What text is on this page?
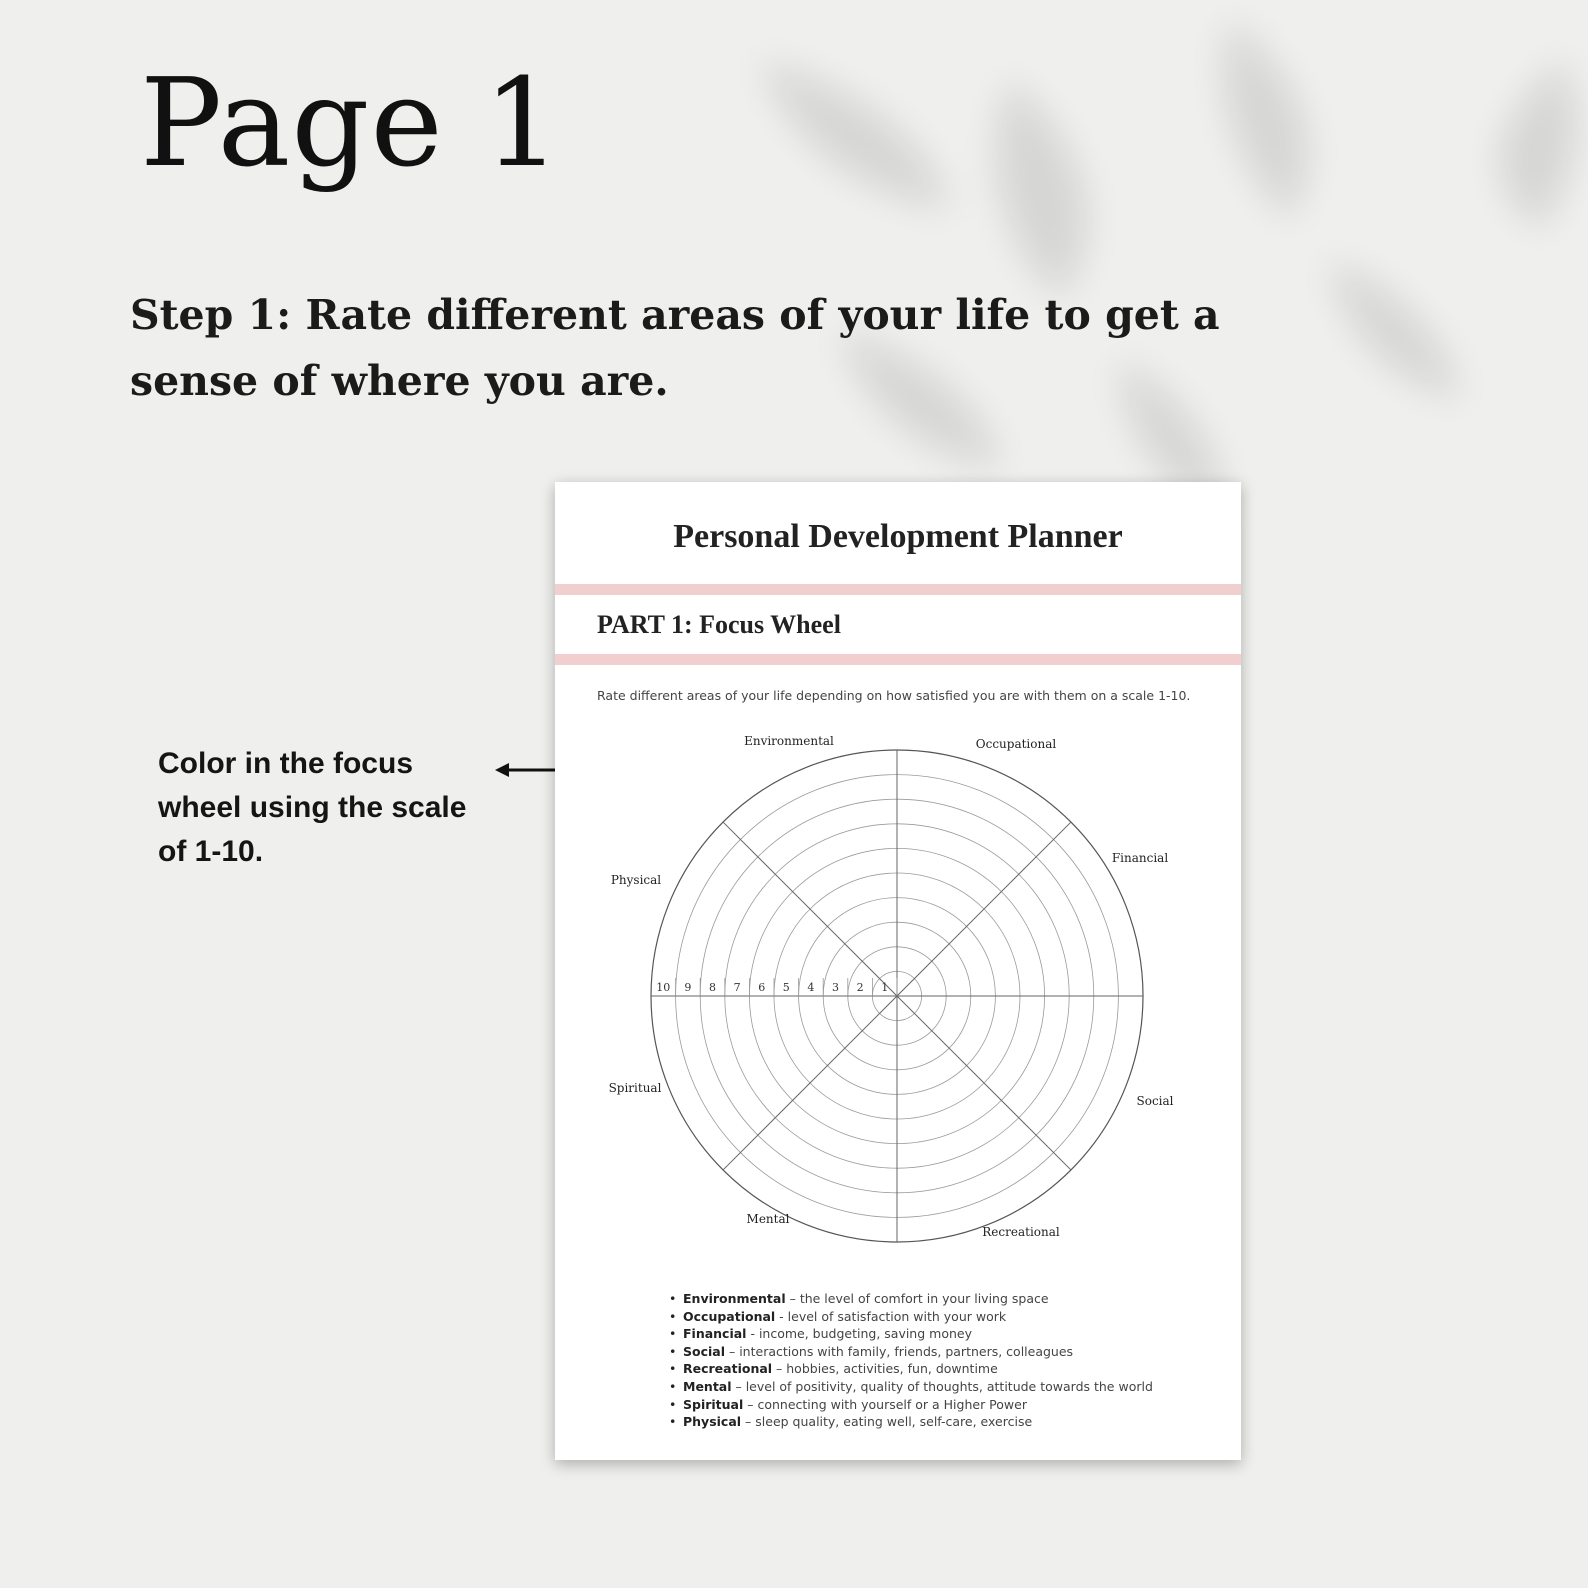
Page 1

Step 1: Rate different areas of your life to get a sense of where you are.

Color in the focus wheel using the scale of 1-10.

Personal Development Planner
PART 1: Focus Wheel

Rate different areas of your life depending on how satisfied you are with them on a scale 1-10.

10 9 8 7 6 5 4 3 2 1
Environmental	Occupational
Financial
Social
Recreational
Mental
Spiritual
Physical
• Environmental – the level of comfort in your living space
• Occupational - level of satisfaction with your work
• Financial - income, budgeting, saving money
• Social – interactions with family, friends, partners, colleagues
• Recreational – hobbies, activities, fun, downtime
• Mental – level of positivity, quality of thoughts, attitude towards the world
• Spiritual – connecting with yourself or a Higher Power
• Physical – sleep quality, eating well, self-care, exercise
